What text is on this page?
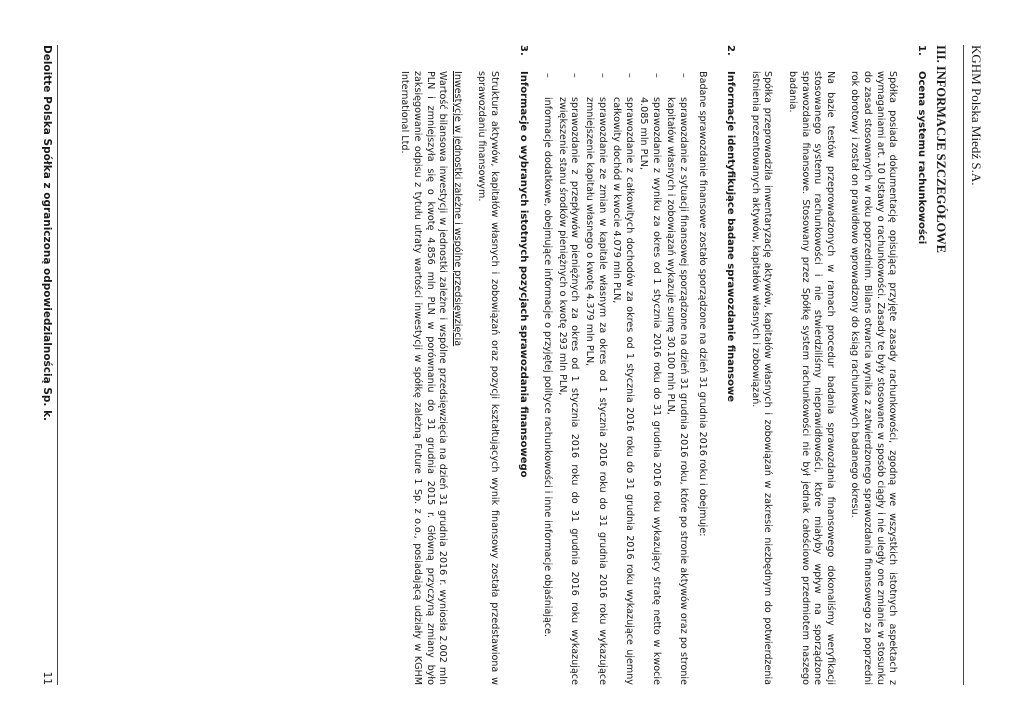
KGHM Polska Miedź S.A.
III. INFORMACJE SZCZEGÓŁOWE
1.Ocena systemu rachunkowości

Spółka posiada dokumentację opisującą przyjęte zasady rachunkowości, zgodną we wszystkich istotnych aspektach z wymaganiami art. 10 Ustawy o rachunkowości. Zasady te były stosowane w sposób ciągły i nie uległy one zmianie w stosunku do zasad stosowanych w roku poprzednim. Bilans otwarcia wynika z zatwierdzonego sprawozdania finansowego za poprzedni rok obrotowy i został on prawidłowo wprowadzony do ksiąg rachunkowych badanego okresu.

Na bazie testów przeprowadzonych w ramach procedur badania sprawozdania finansowego dokonaliśmy weryfikacji stosowanego systemu rachunkowości i nie stwierdziliśmy nieprawidłowości, które miałyby wpływ na sporządzone sprawozdania finansowe. Stosowany przez Spółkę system rachunkowości nie był jednak całościowo przedmiotem naszego badania.

Spółka przeprowadziła inwentaryzację aktywów, kapitałów własnych i zobowiązań w zakresie niezbędnym do potwierdzenia istnienia prezentowanych aktywów, kapitałów własnych i zobowiązań.

2.Informacje identyfikujące badane sprawozdanie finansowe

Badane sprawozdanie finansowe zostało sporządzone na dzień 31 grudnia 2016 roku i obejmuje:

– sprawozdanie z sytuacji finansowej sporządzone na dzień 31 grudnia 2016 roku, które po stronie aktywów oraz po stronie kapitałów własnych i zobowiązań wykazuje sumę 30.100 mln PLN,
– sprawozdanie z wyniku za okres od 1 stycznia 2016 roku do 31 grudnia 2016 roku wykazujący stratę netto w kwocie 4.085 mln PLN,
– sprawozdanie z całkowitych dochodów za okres od 1 stycznia 2016 roku do 31 grudnia 2016 roku wykazujące ujemny całkowity dochód w kwocie 4.079 mln PLN,
– sprawozdanie ze zmian w kapitale własnym za okres od 1 stycznia 2016 roku do 31 grudnia 2016 roku wykazujące zmniejszenie kapitału własnego o kwotę 4.379 mln PLN,
– sprawozdanie z przepływów pieniężnych za okres od 1 stycznia 2016 roku do 31 grudnia 2016 roku wykazujące zwiększenie stanu środków pieniężnych o kwotę 293 mln PLN,
– informacje dodatkowe, obejmujące informacje o przyjętej polityce rachunkowości i inne informacje objaśniające.
3.Informacje o wybranych istotnych pozycjach sprawozdania finansowego

Struktura aktywów, kapitałów własnych i zobowiązań oraz pozycji kształtujących wynik finansowy została przedstawiona w sprawozdaniu finansowym.

Inwestycje w jednostki zależne i wspólne przedsięwzięcia

Wartość bilansowa inwestycji w jednostki zależne i wspólne przedsięwzięcia na dzień 31 grudnia 2016 r. wyniosła 2.002 mln PLN i zmniejszyła się o kwotę 4.856 mln PLN w porównaniu do 31 grudnia 2015 r. Główną przyczyną zmiany było zaksięgowanie odpisu z tytułu utraty wartości inwestycji w spółkę zależną Future 1 Sp. z o.o., posiadającą udziały w KGHM International Ltd.

Deloitte Polska Spółka z ograniczoną odpowiedzialnością Sp. k.
11
